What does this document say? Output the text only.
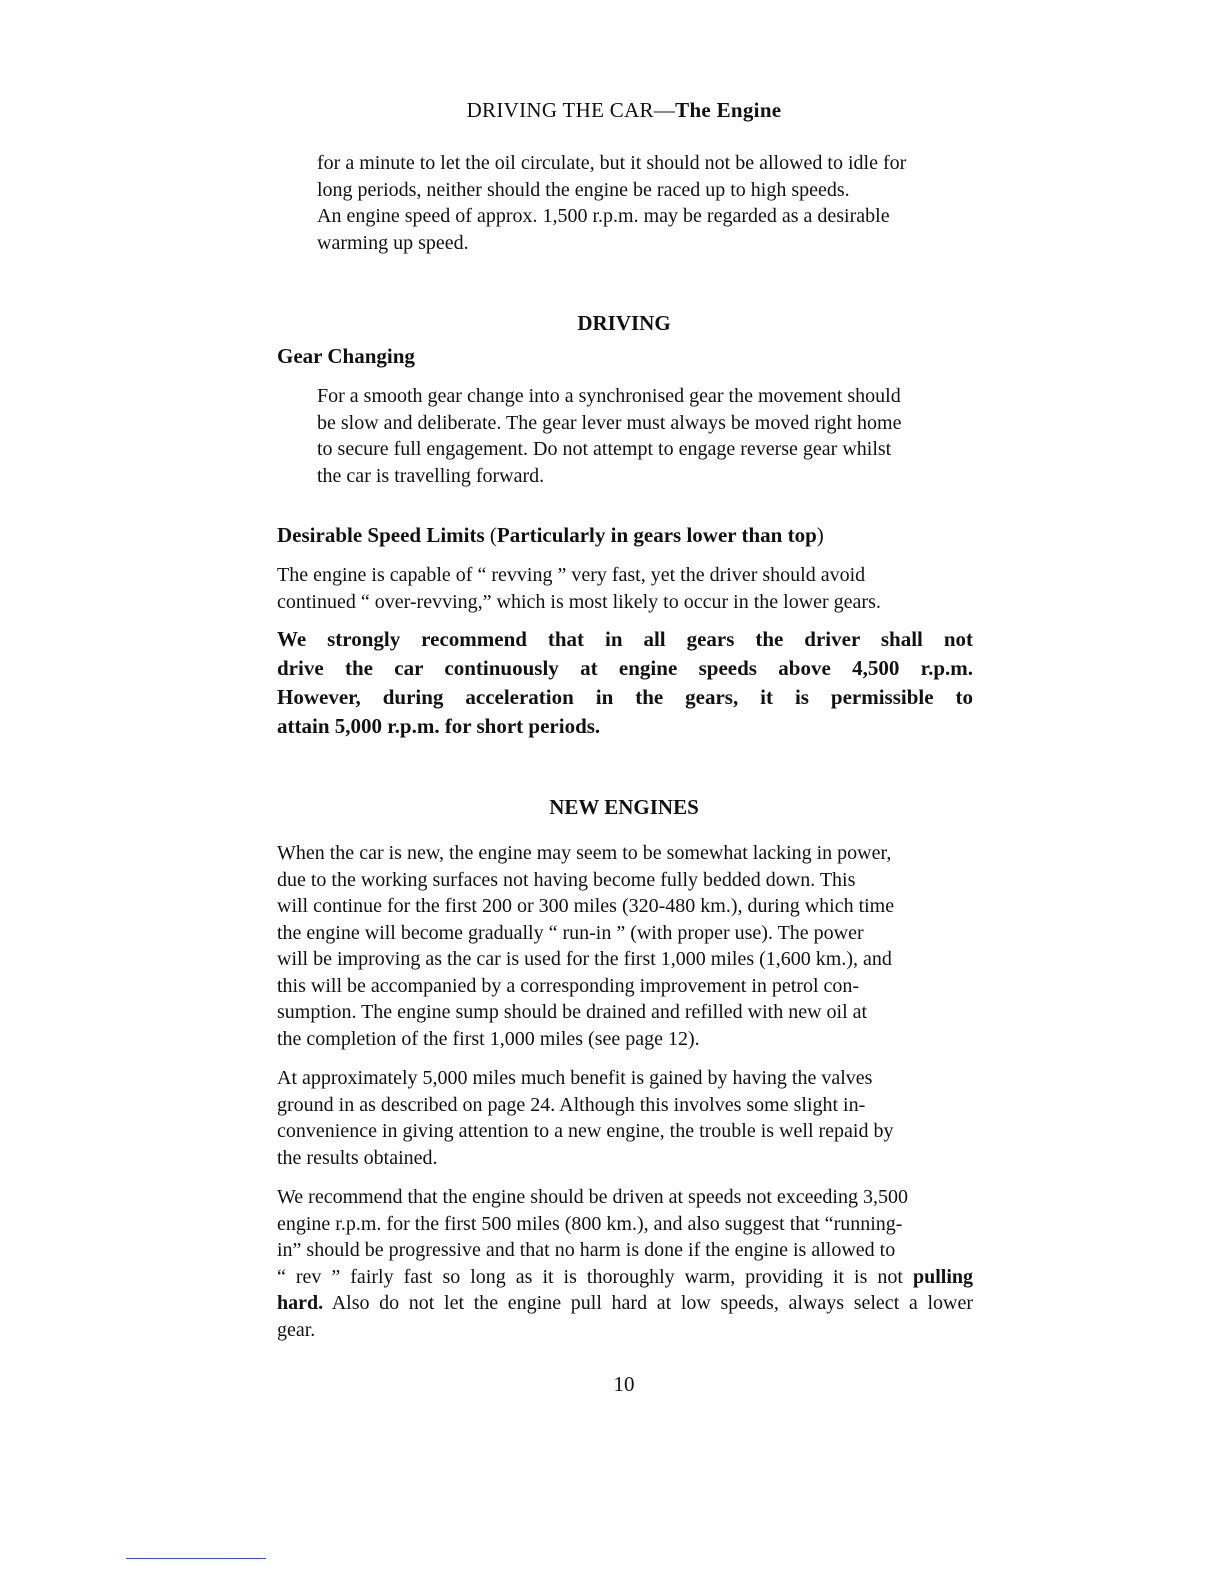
DRIVING THE CAR—The Engine

for a minute to let the oil circulate, but it should not be allowed to idle for
long periods, neither should the engine be raced up to high speeds.
An engine speed of approx. 1,500 r.p.m. may be regarded as a desirable
warming up speed.

DRIVING
Gear Changing

For a smooth gear change into a synchronised gear the movement should
be slow and deliberate. The gear lever must always be moved right home
to secure full engagement. Do not attempt to engage reverse gear whilst
the car is travelling forward.

Desirable Speed Limits (Particularly in gears lower than top)

The engine is capable of “ revving ” very fast, yet the driver should avoid
continued “ over-revving,” which is most likely to occur in the lower gears.

We strongly recommend that in all gears the driver shall not
drive the car continuously at engine speeds above 4,500 r.p.m.
However, during acceleration in the gears, it is permissible to
attain 5,000 r.p.m. for short periods.

NEW ENGINES

When the car is new, the engine may seem to be somewhat lacking in power,
due to the working surfaces not having become fully bedded down. This
will continue for the first 200 or 300 miles (320-480 km.), during which time
the engine will become gradually “ run-in ” (with proper use). The power
will be improving as the car is used for the first 1,000 miles (1,600 km.), and
this will be accompanied by a corresponding improvement in petrol con-
sumption. The engine sump should be drained and refilled with new oil at
the completion of the first 1,000 miles (see page 12).

At approximately 5,000 miles much benefit is gained by having the valves
ground in as described on page 24. Although this involves some slight in-
convenience in giving attention to a new engine, the trouble is well repaid by
the results obtained.

We recommend that the engine should be driven at speeds not exceeding 3,500
engine r.p.m. for the first 500 miles (800 km.), and also suggest that “running-
in” should be progressive and that no harm is done if the engine is allowed to
“ rev ” fairly fast so long as it is thoroughly warm, providing it is not pulling
hard. Also do not let the engine pull hard at low speeds, always select a lower
gear.

10
